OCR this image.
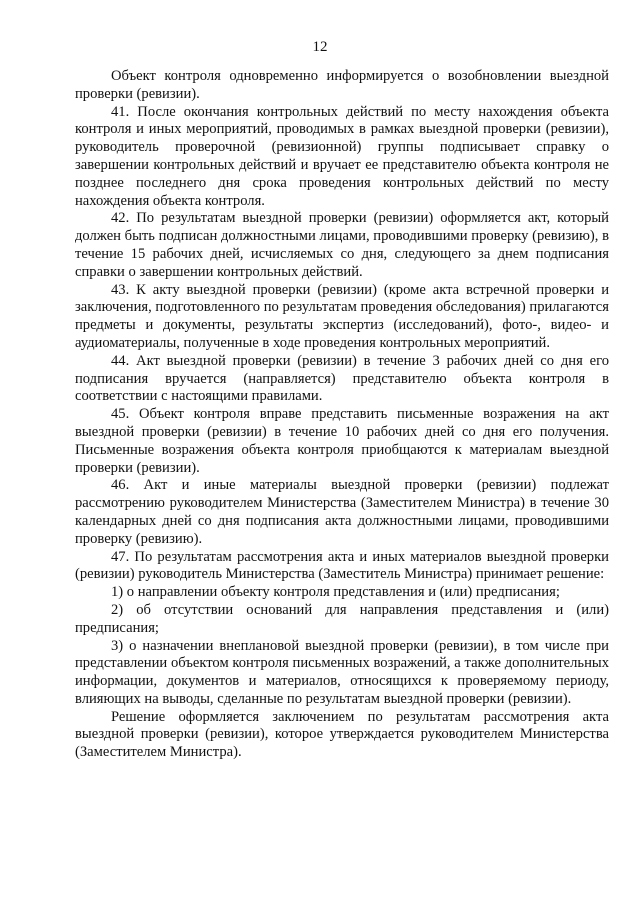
12

Объект контроля одновременно информируется о возобновлении выездной проверки (ревизии).

41. После окончания контрольных действий по месту нахождения объекта контроля и иных мероприятий, проводимых в рамках выездной проверки (ревизии), руководитель проверочной (ревизионной) группы подписывает справку о завершении контрольных действий и вручает ее представителю объекта контроля не позднее последнего дня срока проведения контрольных действий по месту нахождения объекта контроля.

42. По результатам выездной проверки (ревизии) оформляется акт, который должен быть подписан должностными лицами, проводившими проверку (ревизию), в течение 15 рабочих дней, исчисляемых со дня, следующего за днем подписания справки о завершении контрольных действий.

43. К акту выездной проверки (ревизии) (кроме акта встречной проверки и заключения, подготовленного по результатам проведения обследования) прилагаются предметы и документы, результаты экспертиз (исследований), фото-, видео- и аудиоматериалы, полученные в ходе проведения контрольных мероприятий.

44. Акт выездной проверки (ревизии) в течение 3 рабочих дней со дня его подписания вручается (направляется) представителю объекта контроля в соответствии с настоящими правилами.

45. Объект контроля вправе представить письменные возражения на акт выездной проверки (ревизии) в течение 10 рабочих дней со дня его получения. Письменные возражения объекта контроля приобщаются к материалам выездной проверки (ревизии).

46. Акт и иные материалы выездной проверки (ревизии) подлежат рассмотрению руководителем Министерства (Заместителем Министра) в течение 30 календарных дней со дня подписания акта должностными лицами, проводившими проверку (ревизию).

47. По результатам рассмотрения акта и иных материалов выездной проверки (ревизии) руководитель Министерства (Заместитель Министра) принимает решение:

1) о направлении объекту контроля представления и (или) предписания;

2) об отсутствии оснований для направления представления и (или) предписания;

3) о назначении внеплановой выездной проверки (ревизии), в том числе при представлении объектом контроля письменных возражений, а также дополнительных информации, документов и материалов, относящихся к проверяемому периоду, влияющих на выводы, сделанные по результатам выездной проверки (ревизии).

Решение оформляется заключением по результатам рассмотрения акта выездной проверки (ревизии), которое утверждается руководителем Министерства (Заместителем Министра).
